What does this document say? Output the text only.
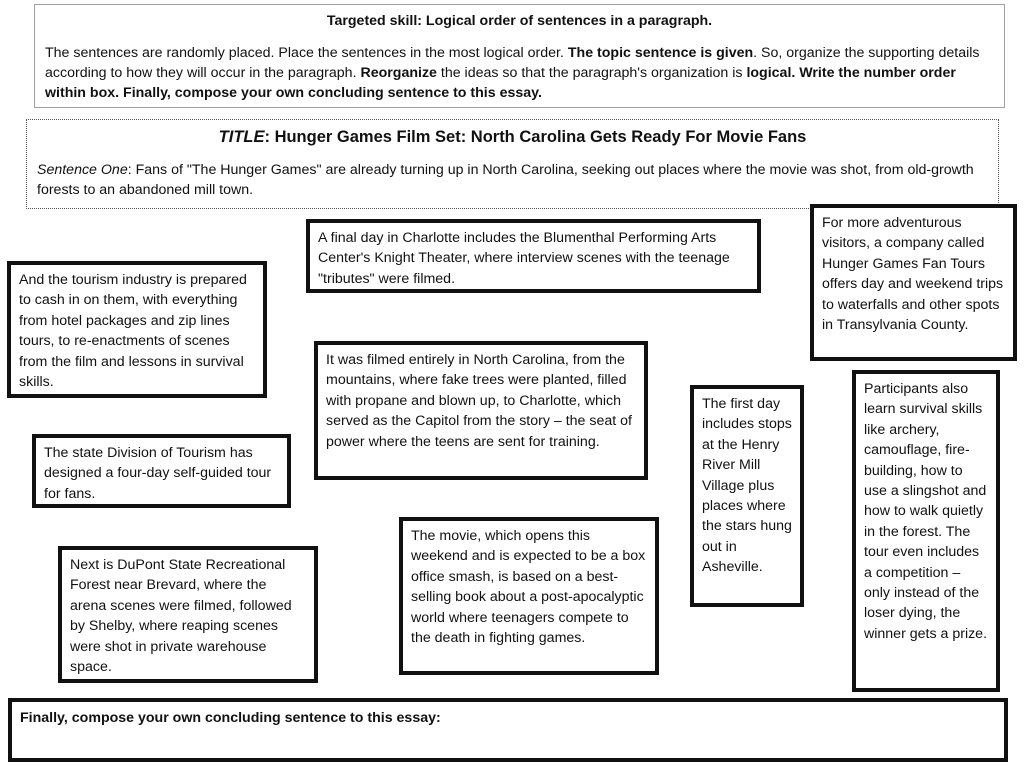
Targeted skill: Logical order of sentences in a paragraph.

The sentences are randomly placed. Place the sentences in the most logical order. The topic sentence is given. So, organize the supporting details according to how they will occur in the paragraph. Reorganize the ideas so that the paragraph's organization is logical. Write the number order within box. Finally, compose your own concluding sentence to this essay.

TITLE: Hunger Games Film Set: North Carolina Gets Ready For Movie Fans

Sentence One: Fans of "The Hunger Games" are already turning up in North Carolina, seeking out places where the movie was shot, from old-growth forests to an abandoned mill town.

A final day in Charlotte includes the Blumenthal Performing Arts Center's Knight Theater, where interview scenes with the teenage "tributes" were filmed.
For more adventurous visitors, a company called Hunger Games Fan Tours offers day and weekend trips to waterfalls and other spots in Transylvania County.
And the tourism industry is prepared to cash in on them, with everything from hotel packages and zip lines tours, to re-enactments of scenes from the film and lessons in survival skills.
It was filmed entirely in North Carolina, from the mountains, where fake trees were planted, filled with propane and blown up, to Charlotte, which served as the Capitol from the story – the seat of power where the teens are sent for training.
The first day includes stops at the Henry River Mill Village plus places where the stars hung out in Asheville.
Participants also learn survival skills like archery, camouflage, fire-building, how to use a slingshot and how to walk quietly in the forest. The tour even includes a competition – only instead of the loser dying, the winner gets a prize.
The state Division of Tourism has designed a four-day self-guided tour for fans.
The movie, which opens this weekend and is expected to be a box office smash, is based on a best-selling book about a post-apocalyptic world where teenagers compete to the death in fighting games.
Next is DuPont State Recreational Forest near Brevard, where the arena scenes were filmed, followed by Shelby, where reaping scenes were shot in private warehouse space.
Finally, compose your own concluding sentence to this essay:
